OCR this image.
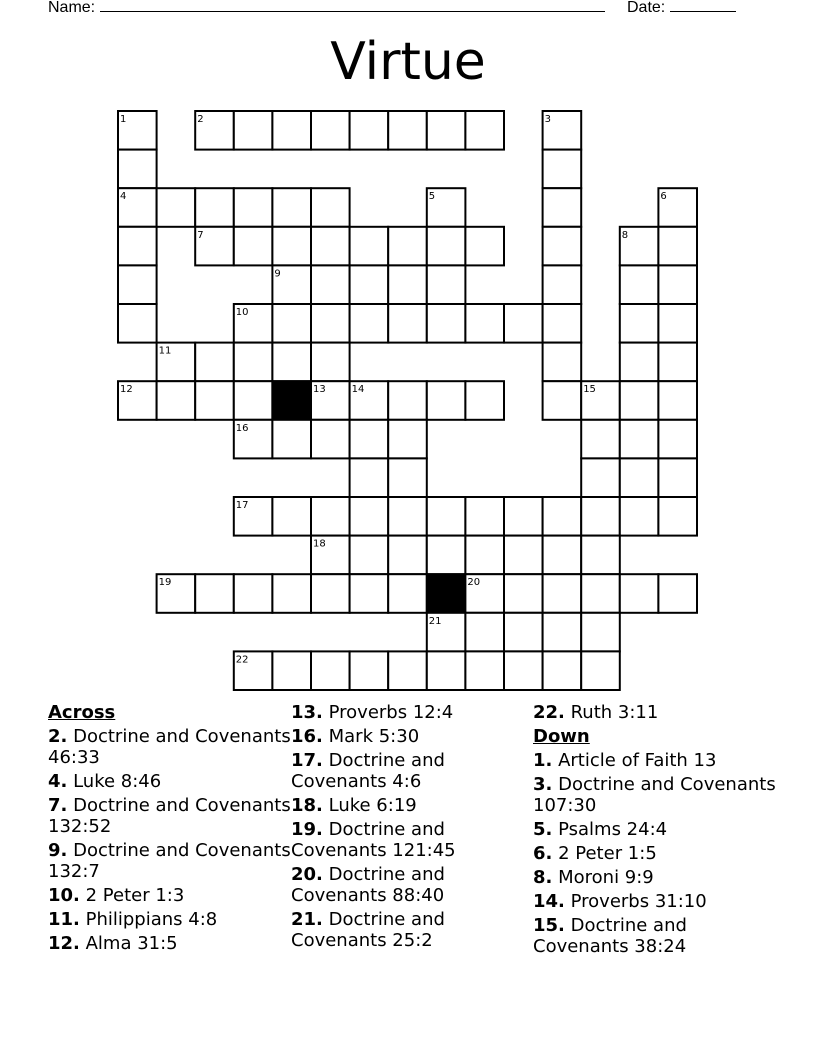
Name:	Date:
Virtue
1	2	3
4	5	6
7	8
9
10
11
12	13	14	15
16
17
18
19	20
21
22
Across
2. Doctrine and Covenants 46:33
4. Luke 8:46
7. Doctrine and Covenants 132:52
9. Doctrine and Covenants 132:7
10. 2 Peter 1:3
11. Philippians 4:8
12. Alma 31:5
13. Proverbs 12:4
16. Mark 5:30
17. Doctrine and Covenants 4:6
18. Luke 6:19
19. Doctrine and Covenants 121:45
20. Doctrine and Covenants 88:40
21. Doctrine and Covenants 25:2
22. Ruth 3:11
Down
1. Article of Faith 13
3. Doctrine and Covenants 107:30
5. Psalms 24:4
6. 2 Peter 1:5
8. Moroni 9:9
14. Proverbs 31:10
15. Doctrine and Covenants 38:24
